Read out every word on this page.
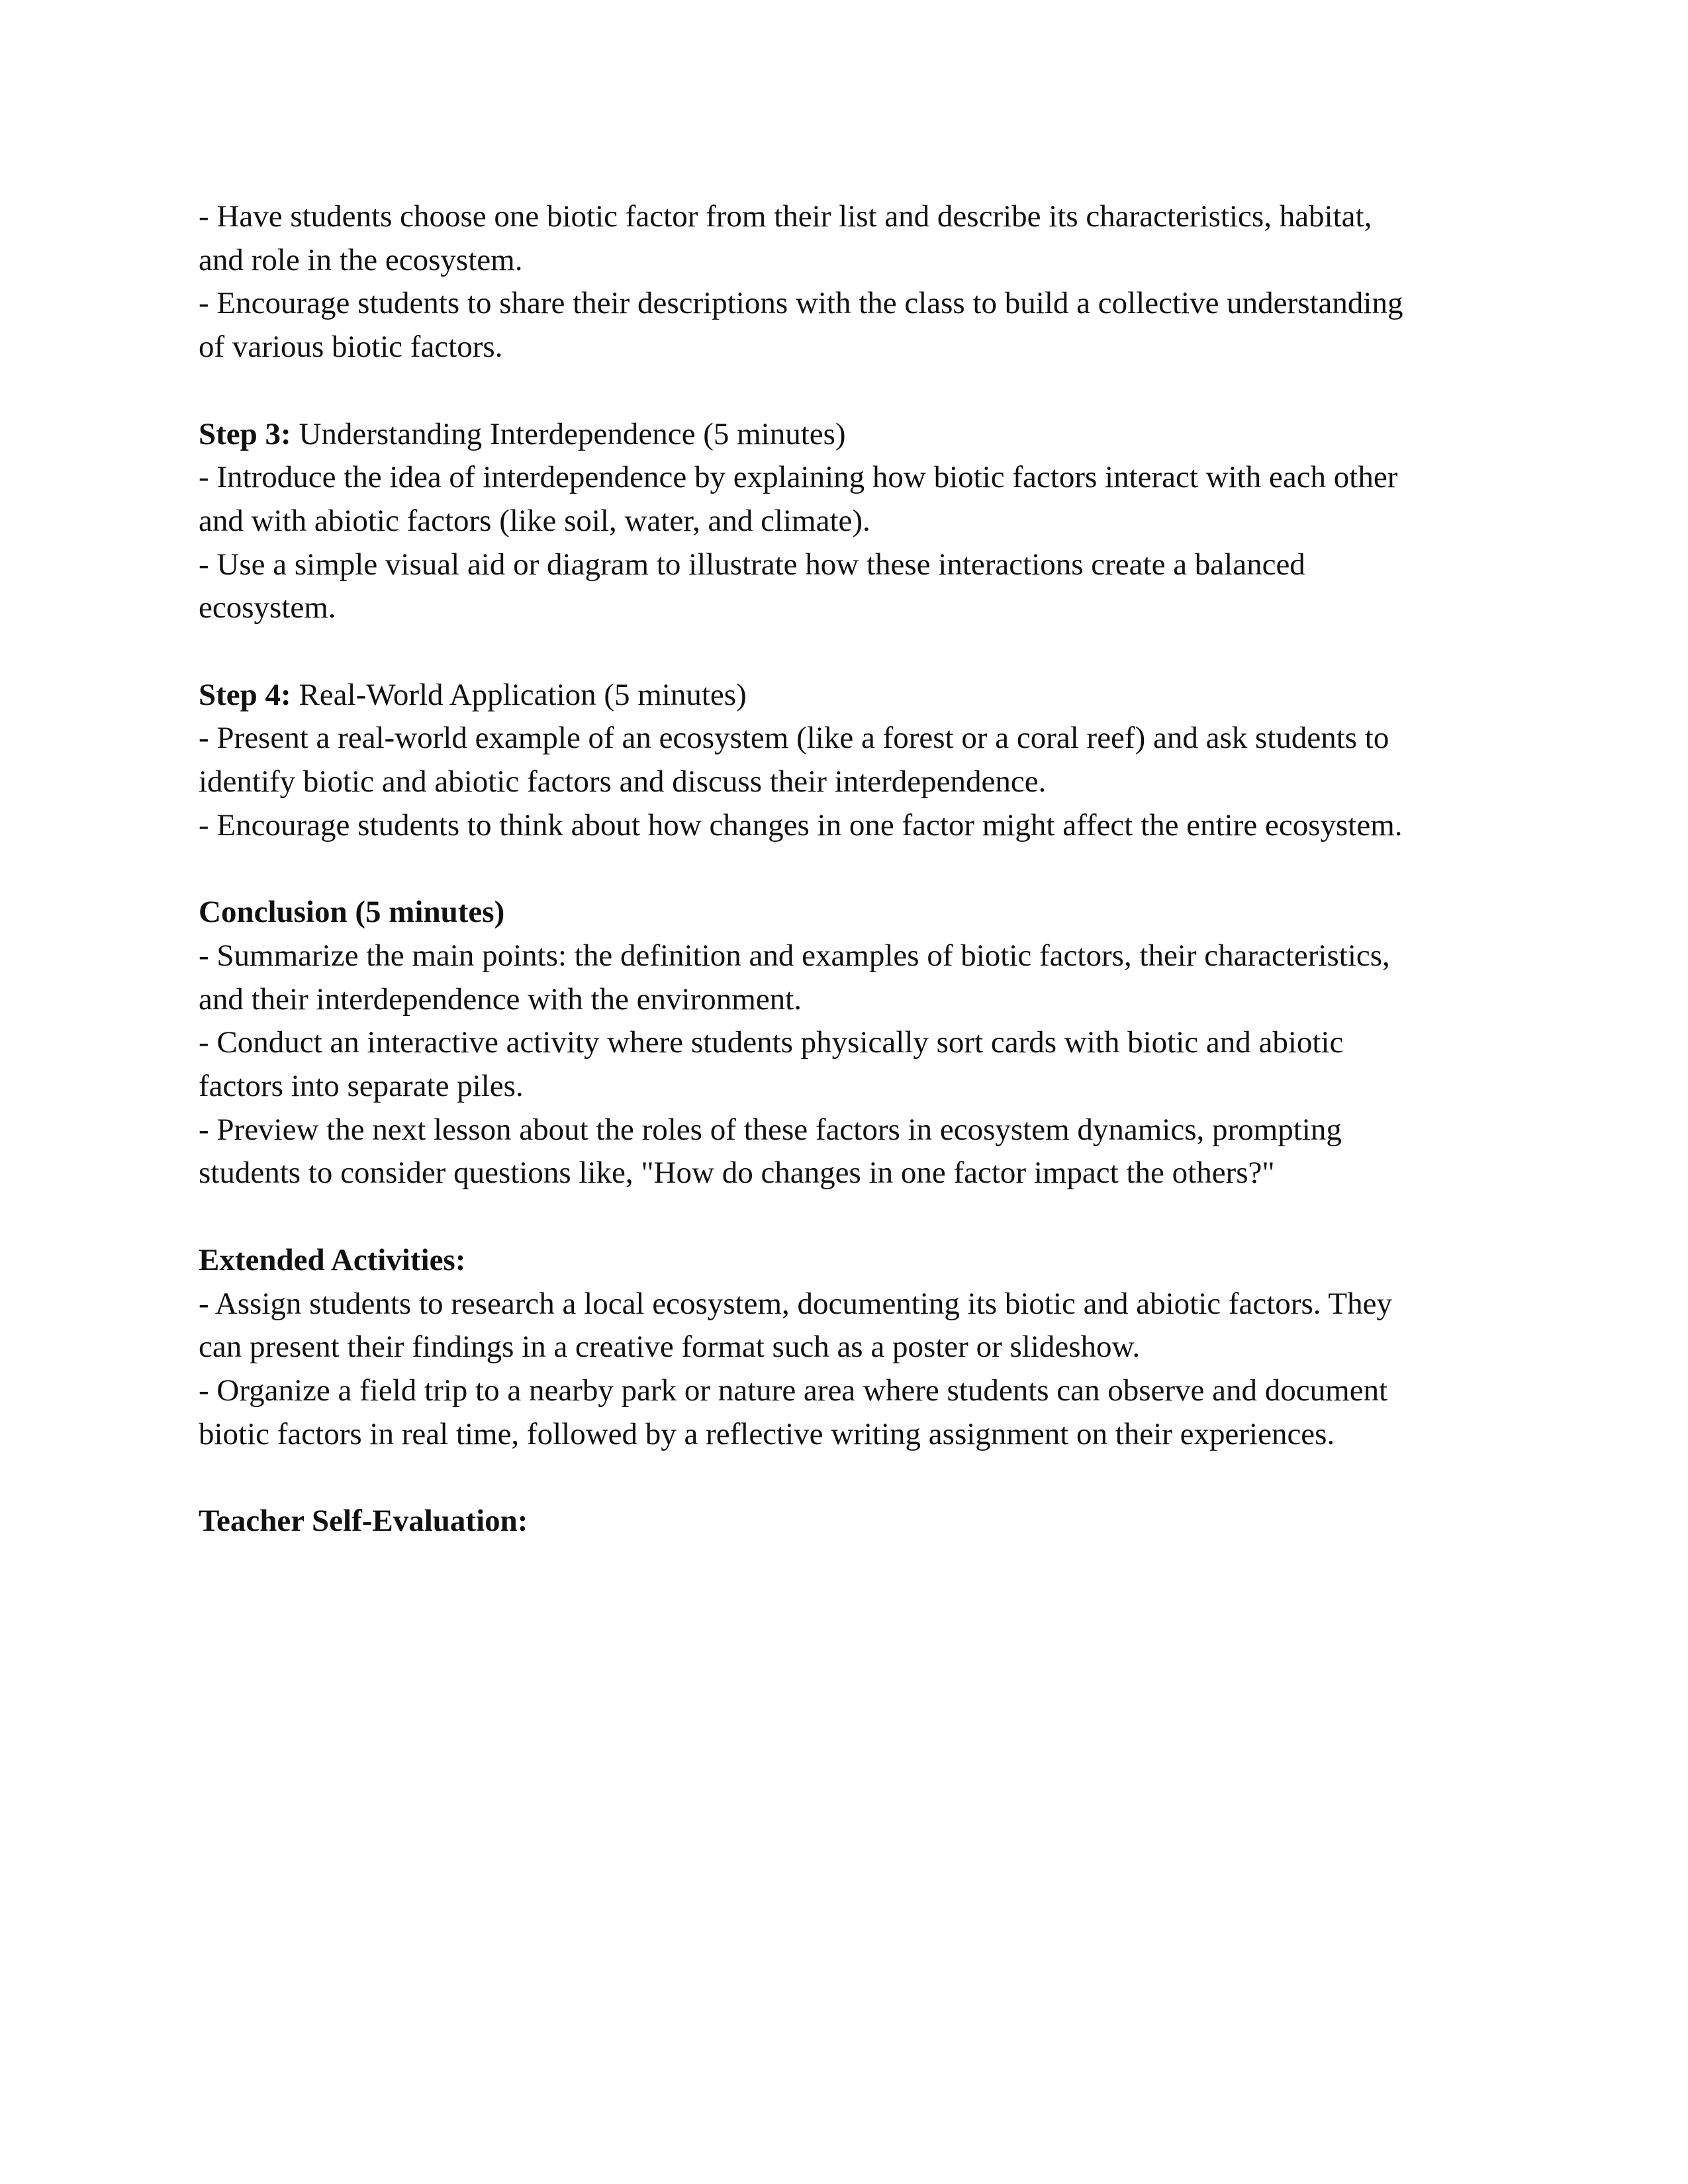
- Have students choose one biotic factor from their list and describe its characteristics, habitat,

and role in the ecosystem.

- Encourage students to share their descriptions with the class to build a collective understanding

of various biotic factors.

Step 3: Understanding Interdependence (5 minutes)

- Introduce the idea of interdependence by explaining how biotic factors interact with each other

and with abiotic factors (like soil, water, and climate).

- Use a simple visual aid or diagram to illustrate how these interactions create a balanced

ecosystem.

Step 4: Real-World Application (5 minutes)

- Present a real-world example of an ecosystem (like a forest or a coral reef) and ask students to

identify biotic and abiotic factors and discuss their interdependence.

- Encourage students to think about how changes in one factor might affect the entire ecosystem.

Conclusion (5 minutes)

- Summarize the main points: the definition and examples of biotic factors, their characteristics,

and their interdependence with the environment.

- Conduct an interactive activity where students physically sort cards with biotic and abiotic

factors into separate piles.

- Preview the next lesson about the roles of these factors in ecosystem dynamics, prompting

students to consider questions like, "How do changes in one factor impact the others?"

Extended Activities:

- Assign students to research a local ecosystem, documenting its biotic and abiotic factors. They

can present their findings in a creative format such as a poster or slideshow.

- Organize a field trip to a nearby park or nature area where students can observe and document

biotic factors in real time, followed by a reflective writing assignment on their experiences.

Teacher Self-Evaluation:
